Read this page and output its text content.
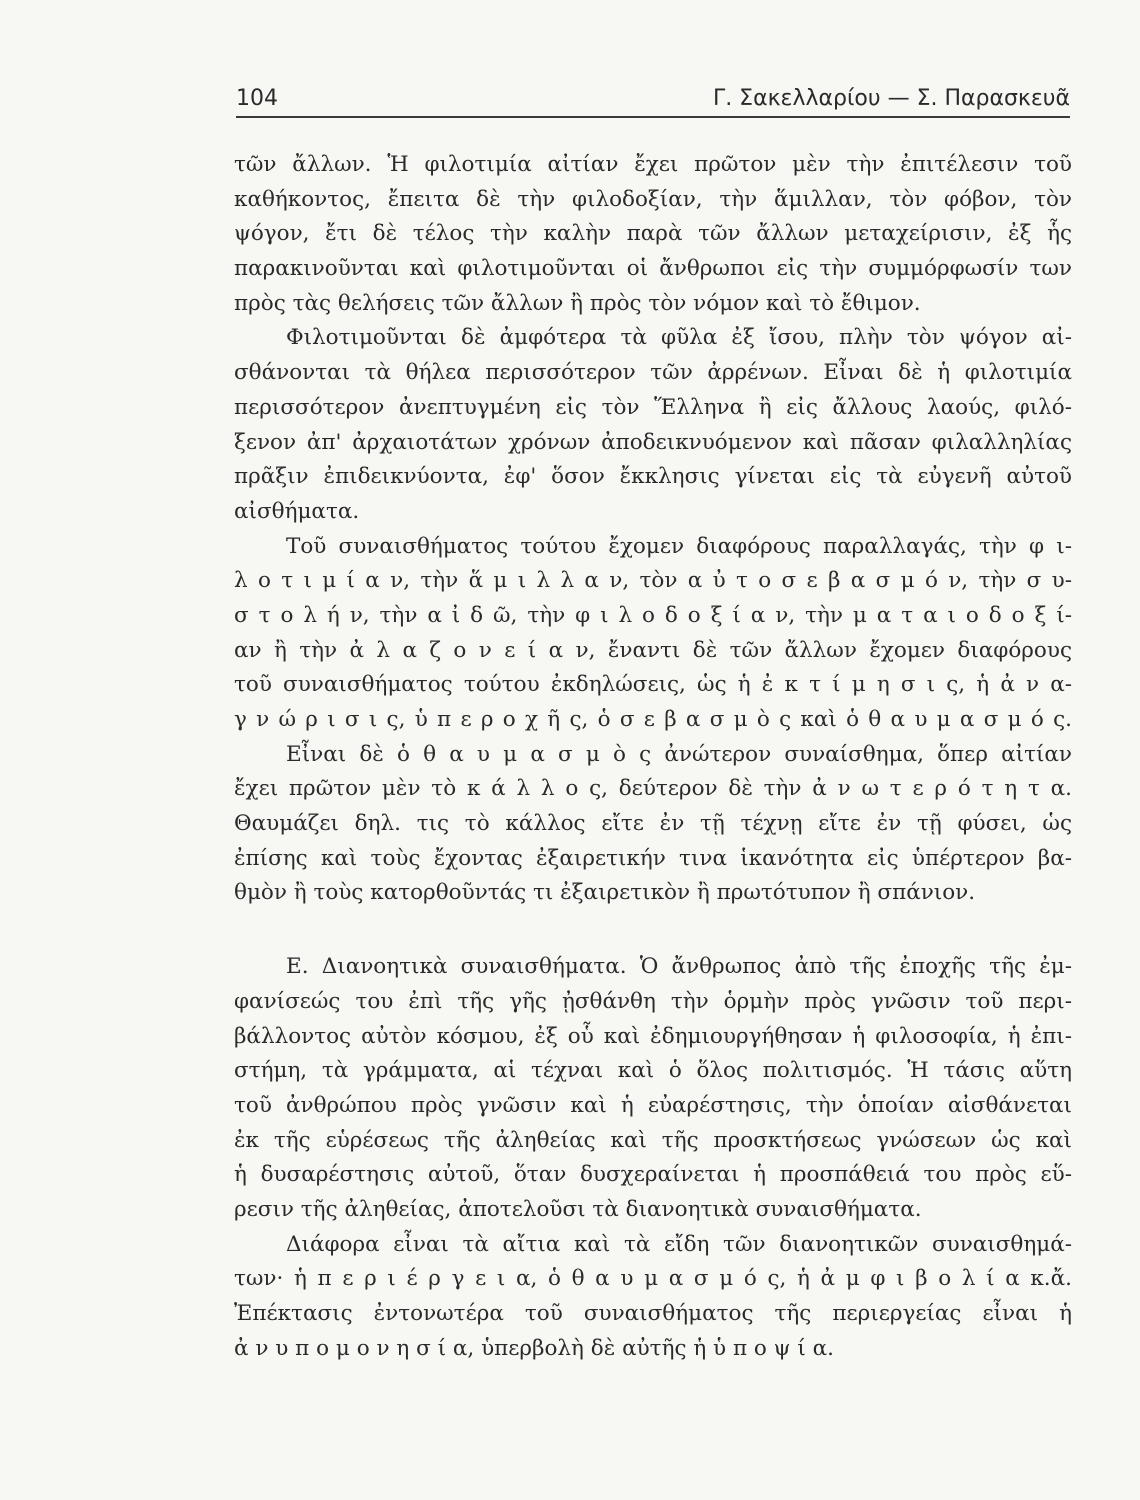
104	Γ. Σακελλαρίου — Σ. Παρασκευᾶ
τῶν ἄλλων. Ἡ φιλοτιμία αἰτίαν ἔχει πρῶτον μὲν τὴν ἐπιτέλεσιν τοῦ
καθήκοντος, ἔπειτα δὲ τὴν φιλοδοξίαν, τὴν ἅμιλλαν, τὸν φόβον, τὸν
ψόγον, ἔτι δὲ τέλος τὴν καλὴν παρὰ τῶν ἄλλων μεταχείρισιν, ἐξ ἧς
παρακινοῦνται καὶ φιλοτιμοῦνται οἱ ἄνθρωποι εἰς τὴν συμμόρφωσίν των
πρὸς τὰς θελήσεις τῶν ἄλλων ἢ πρὸς τὸν νόμον καὶ τὸ ἔθιμον.
Φιλοτιμοῦνται δὲ ἀμφότερα τὰ φῦλα ἐξ ἴσου, πλὴν τὸν ψόγον αἰ-
σθάνονται τὰ θήλεα περισσότερον τῶν ἀρρένων. Εἶναι δὲ ἡ φιλοτιμία
περισσότερον ἀνεπτυγμένη εἰς τὸν Ἕλληνα ἢ εἰς ἄλλους λαούς, φιλό-
ξενον ἀπ' ἀρχαιοτάτων χρόνων ἀποδεικνυόμενον καὶ πᾶσαν φιλαλληλίας
πρᾶξιν ἐπιδεικνύοντα, ἐφ' ὅσον ἔκκλησις γίνεται εἰς τὰ εὐγενῆ αὐτοῦ
αἰσθήματα.
Τοῦ συναισθήματος τούτου ἔχομεν διαφόρους παραλλαγάς, τὴν φ ι-
λ ο τ ι μ ί α ν, τὴν ἅ μ ι λ λ α ν, τὸν α ὐ τ ο σ ε β α σ μ ό ν, τὴν σ υ-
σ τ ο λ ή ν, τὴν α ἰ δ ῶ, τὴν φ ι λ ο δ ο ξ ί α ν, τὴν μ α τ α ι ο δ ο ξ ί-
αν ἢ τὴν ἀ λ α ζ ο ν ε ί α ν, ἔναντι δὲ τῶν ἄλλων ἔχομεν διαφόρους
τοῦ συναισθήματος τούτου ἐκδηλώσεις, ὡς ἡ ἐ κ τ ί μ η σ ι ς, ἡ ἀ ν α-
γ ν ώ ρ ι σ ι ς, ὑ π ε ρ ο χ ῆ ς, ὁ σ ε β α σ μ ὸ ς καὶ ὁ θ α υ μ α σ μ ό ς.
Εἶναι δὲ ὁ θ α υ μ α σ μ ὸ ς ἀνώτερον συναίσθημα, ὅπερ αἰτίαν
ἔχει πρῶτον μὲν τὸ κ ά λ λ ο ς, δεύτερον δὲ τὴν ἀ ν ω τ ε ρ ό τ η τ α.
Θαυμάζει δηλ. τις τὸ κάλλος εἴτε ἐν τῇ τέχνῃ εἴτε ἐν τῇ φύσει, ὡς
ἐπίσης καὶ τοὺς ἔχοντας ἐξαιρετικήν τινα ἱκανότητα εἰς ὑπέρτερον βα-
θμὸν ἢ τοὺς κατορθοῦντάς τι ἐξαιρετικὸν ἢ πρωτότυπον ἢ σπάνιον.
Ε. Διανοητικὰ συναισθήματα. Ὁ ἄνθρωπος ἀπὸ τῆς ἐποχῆς τῆς ἐμ-
φανίσεώς του ἐπὶ τῆς γῆς ᾐσθάνθη τὴν ὁρμὴν πρὸς γνῶσιν τοῦ περι-
βάλλοντος αὐτὸν κόσμου, ἐξ οὗ καὶ ἐδημιουργήθησαν ἡ φιλοσοφία, ἡ ἐπι-
στήμη, τὰ γράμματα, αἱ τέχναι καὶ ὁ ὅλος πολιτισμός. Ἡ τάσις αὕτη
τοῦ ἀνθρώπου πρὸς γνῶσιν καὶ ἡ εὐαρέστησις, τὴν ὁποίαν αἰσθάνεται
ἐκ τῆς εὑρέσεως τῆς ἀληθείας καὶ τῆς προσκτήσεως γνώσεων ὡς καὶ
ἡ δυσαρέστησις αὐτοῦ, ὅταν δυσχεραίνεται ἡ προσπάθειά του πρὸς εὕ-
ρεσιν τῆς ἀληθείας, ἀποτελοῦσι τὰ διανοητικὰ συναισθήματα.
Διάφορα εἶναι τὰ αἴτια καὶ τὰ εἴδη τῶν διανοητικῶν συναισθημά-
των· ἡ π ε ρ ι έ ρ γ ε ι α, ὁ θ α υ μ α σ μ ό ς, ἡ ἀ μ φ ι β ο λ ί α κ.ἄ.
Ἐπέκτασις ἐντονωτέρα τοῦ συναισθήματος τῆς περιεργείας εἶναι ἡ
ἀ ν υ π ο μ ο ν η σ ί α, ὑπερβολὴ δὲ αὐτῆς ἡ ὑ π ο ψ ί α.
